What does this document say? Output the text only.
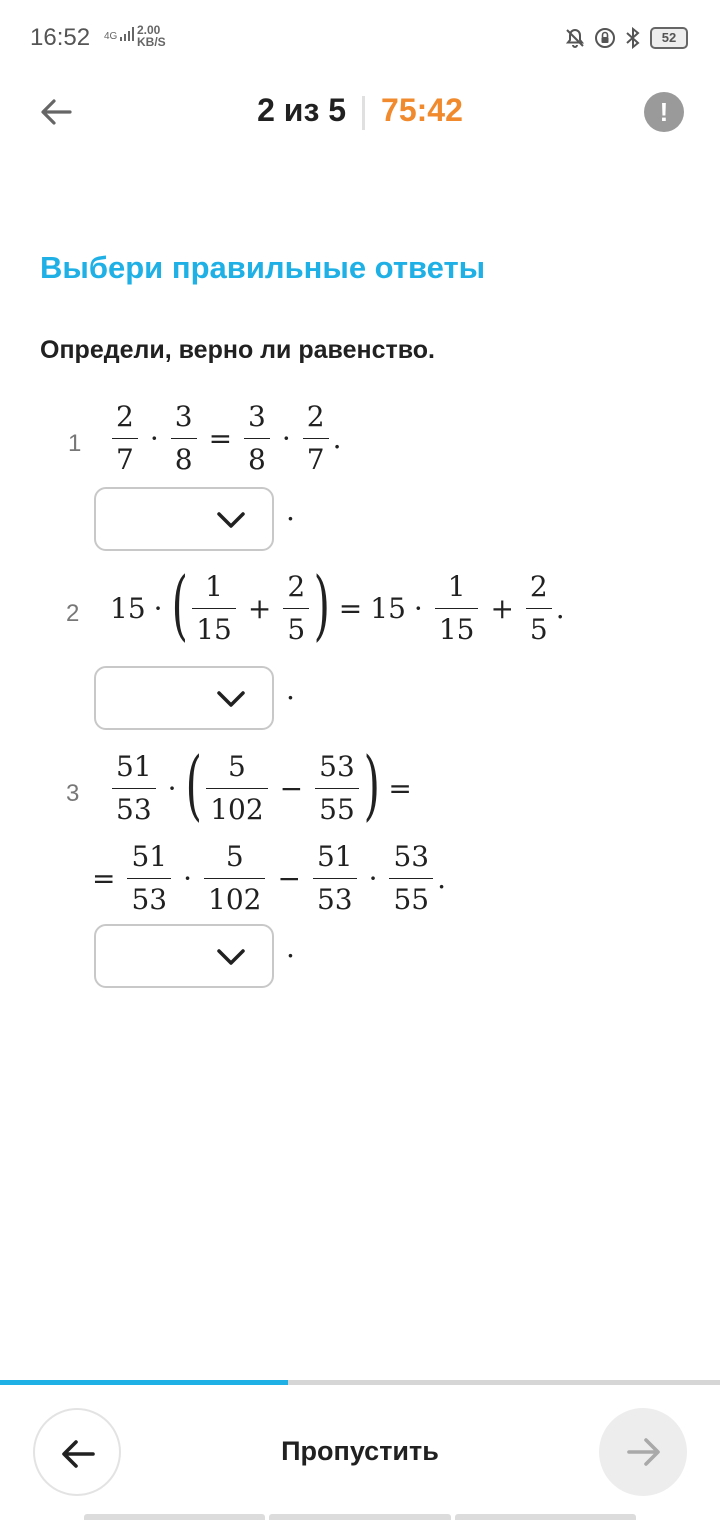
16:52 4G	2.00
KB/S	52
2 из 5 75:42	!
Выбери правильные ответы
Определи, верно ли равенство.
$1 \frac{2}{7} \cdot \frac{3}{8} = \frac{3}{8} \cdot \frac{2}{7}$ .
.
2 15 · ( $\frac{1}{15} + \frac{2}{5}$ ) = $15 \cdot \frac{1}{15} + \frac{2}{5}$ .
.
$3 \frac{51}{53}$ · ( $\frac{5}{102} - \frac{53}{55}$ ) =
= $\frac{51}{53} \cdot \frac{5}{102} - \frac{51}{53} \cdot \frac{53}{55}$ .
.
Пропустить
